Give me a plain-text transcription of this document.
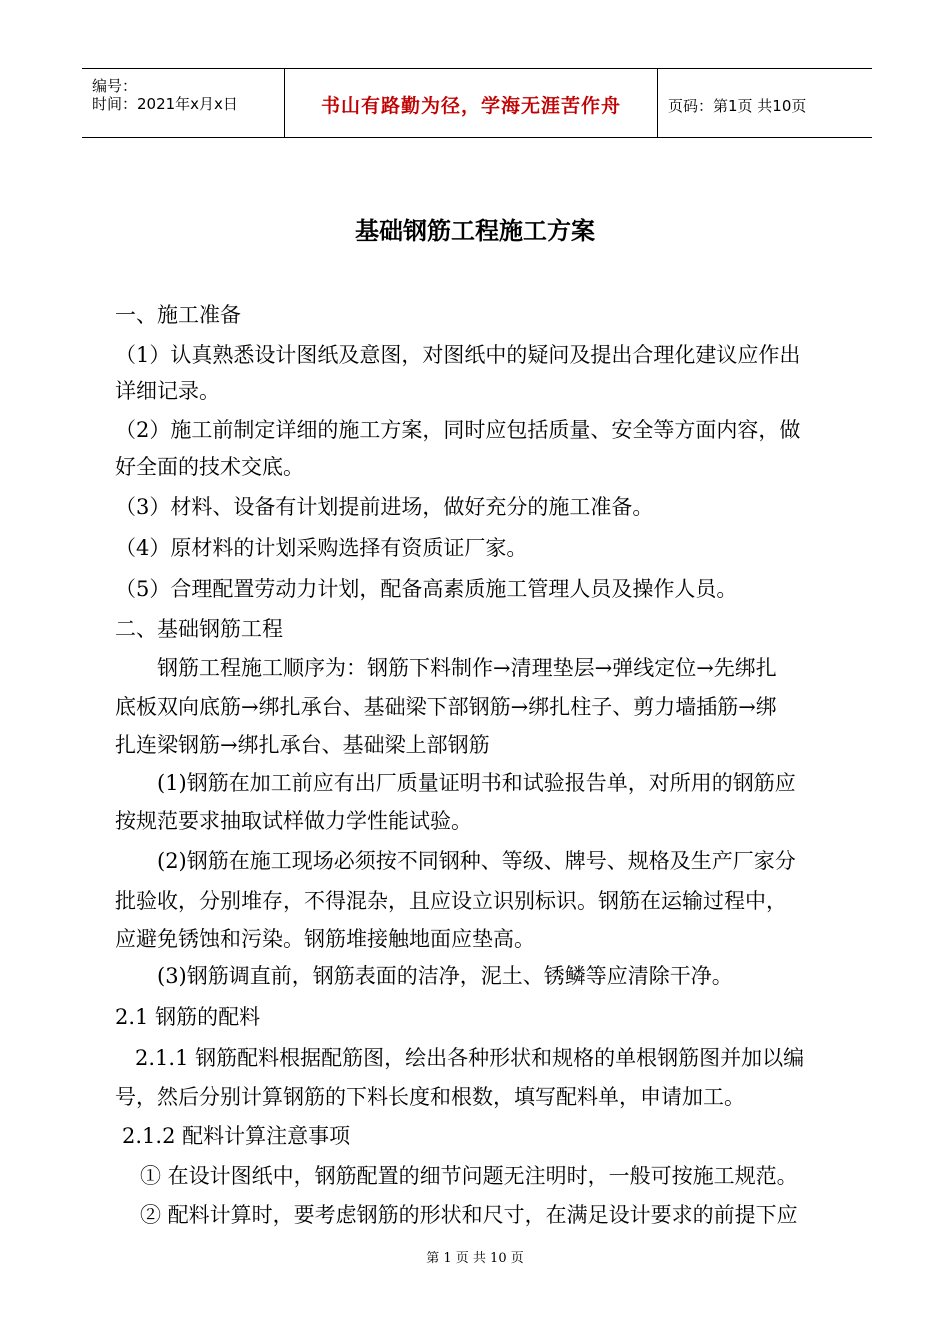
编号：
时间：2021年x月x日	书山有路勤为径，学海无涯苦作舟	页码：第1页 共10页
基础钢筋工程施工方案
一、施工准备
（1）认真熟悉设计图纸及意图，对图纸中的疑问及提出合理化建议应作出
详细记录。
（2）施工前制定详细的施工方案，同时应包括质量、安全等方面内容，做
好全面的技术交底。
（3）材料、设备有计划提前进场，做好充分的施工准备。
（4）原材料的计划采购选择有资质证厂家。
（5）合理配置劳动力计划，配备高素质施工管理人员及操作人员。
二、基础钢筋工程
钢筋工程施工顺序为：钢筋下料制作→清理垫层→弹线定位→先绑扎
底板双向底筋→绑扎承台、基础梁下部钢筋→绑扎柱子、剪力墙插筋→绑
扎连梁钢筋→绑扎承台、基础梁上部钢筋
(1)钢筋在加工前应有出厂质量证明书和试验报告单，对所用的钢筋应
按规范要求抽取试样做力学性能试验。
(2)钢筋在施工现场必须按不同钢种、等级、牌号、规格及生产厂家分
批验收，分别堆存，不得混杂，且应设立识别标识。钢筋在运输过程中，
应避免锈蚀和污染。钢筋堆接触地面应垫高。
(3)钢筋调直前，钢筋表面的洁净，泥土、锈鳞等应清除干净。
2.1 钢筋的配料
2.1.1 钢筋配料根据配筋图，绘出各种形状和规格的单根钢筋图并加以编
号，然后分别计算钢筋的下料长度和根数，填写配料单，申请加工。
2.1.2 配料计算注意事项
① 在设计图纸中，钢筋配置的细节问题无注明时，一般可按施工规范。
② 配料计算时，要考虑钢筋的形状和尺寸，在满足设计要求的前提下应
第 1 页 共 10 页
